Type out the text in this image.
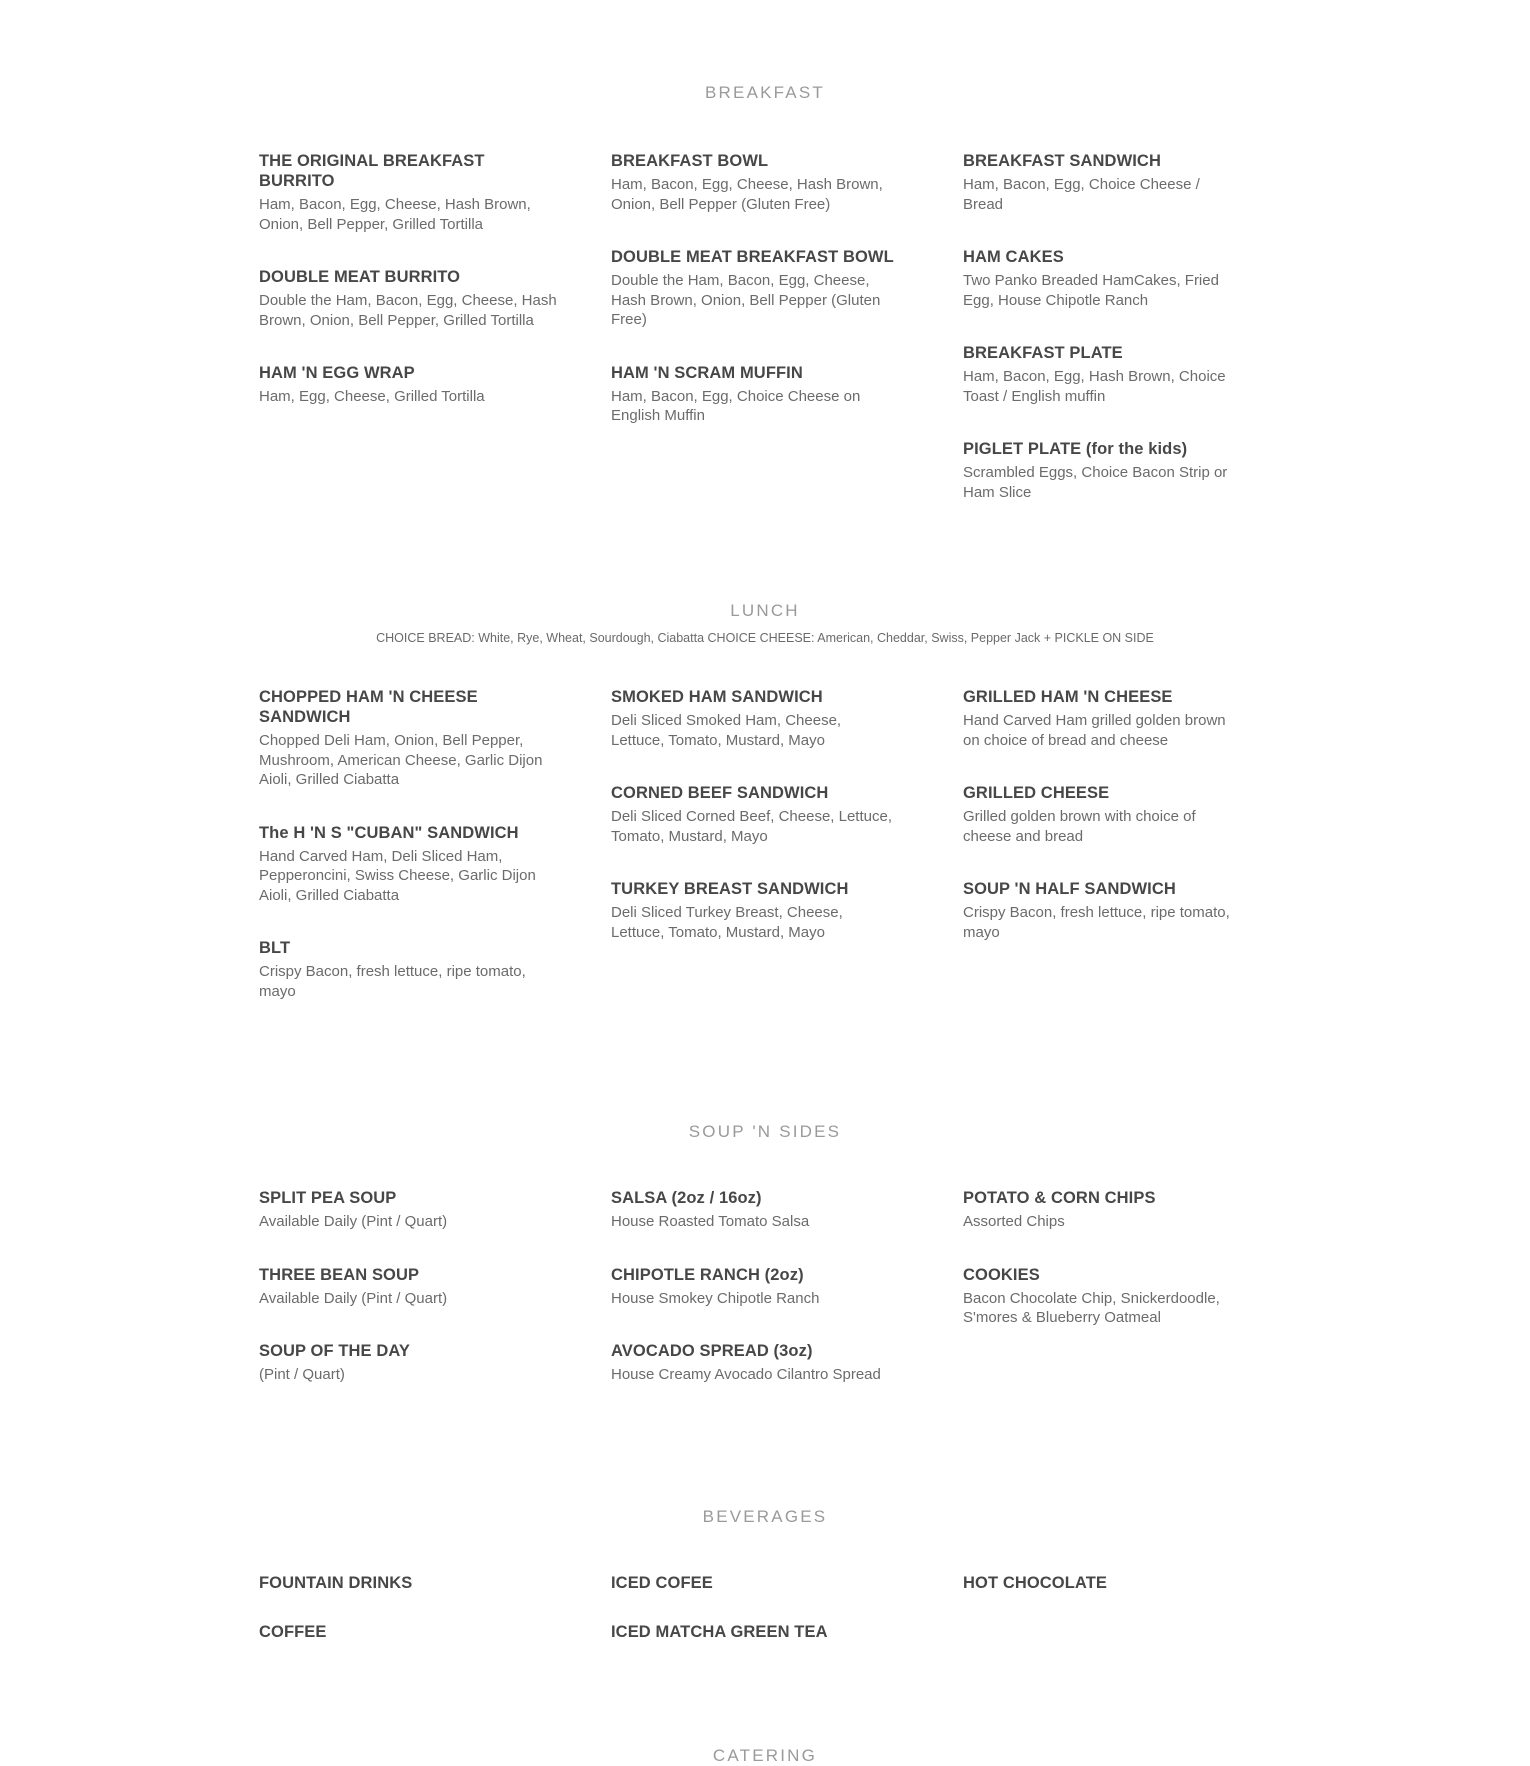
BREAKFAST
THE ORIGINAL BREAKFAST BURRITO
Ham, Bacon, Egg, Cheese, Hash Brown, Onion, Bell Pepper, Grilled Tortilla
DOUBLE MEAT BURRITO
Double the Ham, Bacon, Egg, Cheese, Hash Brown, Onion, Bell Pepper, Grilled Tortilla
HAM 'N EGG WRAP
Ham, Egg, Cheese, Grilled Tortilla
BREAKFAST BOWL
Ham, Bacon, Egg, Cheese, Hash Brown, Onion, Bell Pepper (Gluten Free)
DOUBLE MEAT BREAKFAST BOWL
Double the Ham, Bacon, Egg, Cheese, Hash Brown, Onion, Bell Pepper (Gluten Free)
HAM 'N SCRAM MUFFIN
Ham, Bacon, Egg, Choice Cheese on English Muffin
BREAKFAST SANDWICH
Ham, Bacon, Egg, Choice Cheese / Bread
HAM CAKES
Two Panko Breaded HamCakes, Fried Egg, House Chipotle Ranch
BREAKFAST PLATE
Ham, Bacon, Egg, Hash Brown, Choice Toast / English muffin
PIGLET PLATE (for the kids)
Scrambled Eggs, Choice Bacon Strip or Ham Slice
LUNCH
CHOICE BREAD: White, Rye, Wheat, Sourdough, Ciabatta CHOICE CHEESE: American, Cheddar, Swiss, Pepper Jack + PICKLE ON SIDE
CHOPPED HAM 'N CHEESE SANDWICH
Chopped Deli Ham, Onion, Bell Pepper, Mushroom, American Cheese, Garlic Dijon Aioli, Grilled Ciabatta
The H 'N S "CUBAN" SANDWICH
Hand Carved Ham, Deli Sliced Ham, Pepperoncini, Swiss Cheese, Garlic Dijon Aioli, Grilled Ciabatta
BLT
Crispy Bacon, fresh lettuce, ripe tomato, mayo
SMOKED HAM SANDWICH
Deli Sliced Smoked Ham, Cheese, Lettuce, Tomato, Mustard, Mayo
CORNED BEEF SANDWICH
Deli Sliced Corned Beef, Cheese, Lettuce, Tomato, Mustard, Mayo
TURKEY BREAST SANDWICH
Deli Sliced Turkey Breast, Cheese, Lettuce, Tomato, Mustard, Mayo
GRILLED HAM 'N CHEESE
Hand Carved Ham grilled golden brown on choice of bread and cheese
GRILLED CHEESE
Grilled golden brown with choice of cheese and bread
SOUP 'N HALF SANDWICH
Crispy Bacon, fresh lettuce, ripe tomato, mayo
SOUP 'N SIDES
SPLIT PEA SOUP
Available Daily (Pint / Quart)
THREE BEAN SOUP
Available Daily (Pint / Quart)
SOUP OF THE DAY
(Pint / Quart)
SALSA (2oz / 16oz)
House Roasted Tomato Salsa
CHIPOTLE RANCH (2oz)
House Smokey Chipotle Ranch
AVOCADO SPREAD (3oz)
House Creamy Avocado Cilantro Spread
POTATO & CORN CHIPS
Assorted Chips
COOKIES
Bacon Chocolate Chip, Snickerdoodle, S'mores & Blueberry Oatmeal
BEVERAGES
FOUNTAIN DRINKS
COFFEE
ICED COFEE
ICED MATCHA GREEN TEA
HOT CHOCOLATE
CATERING
